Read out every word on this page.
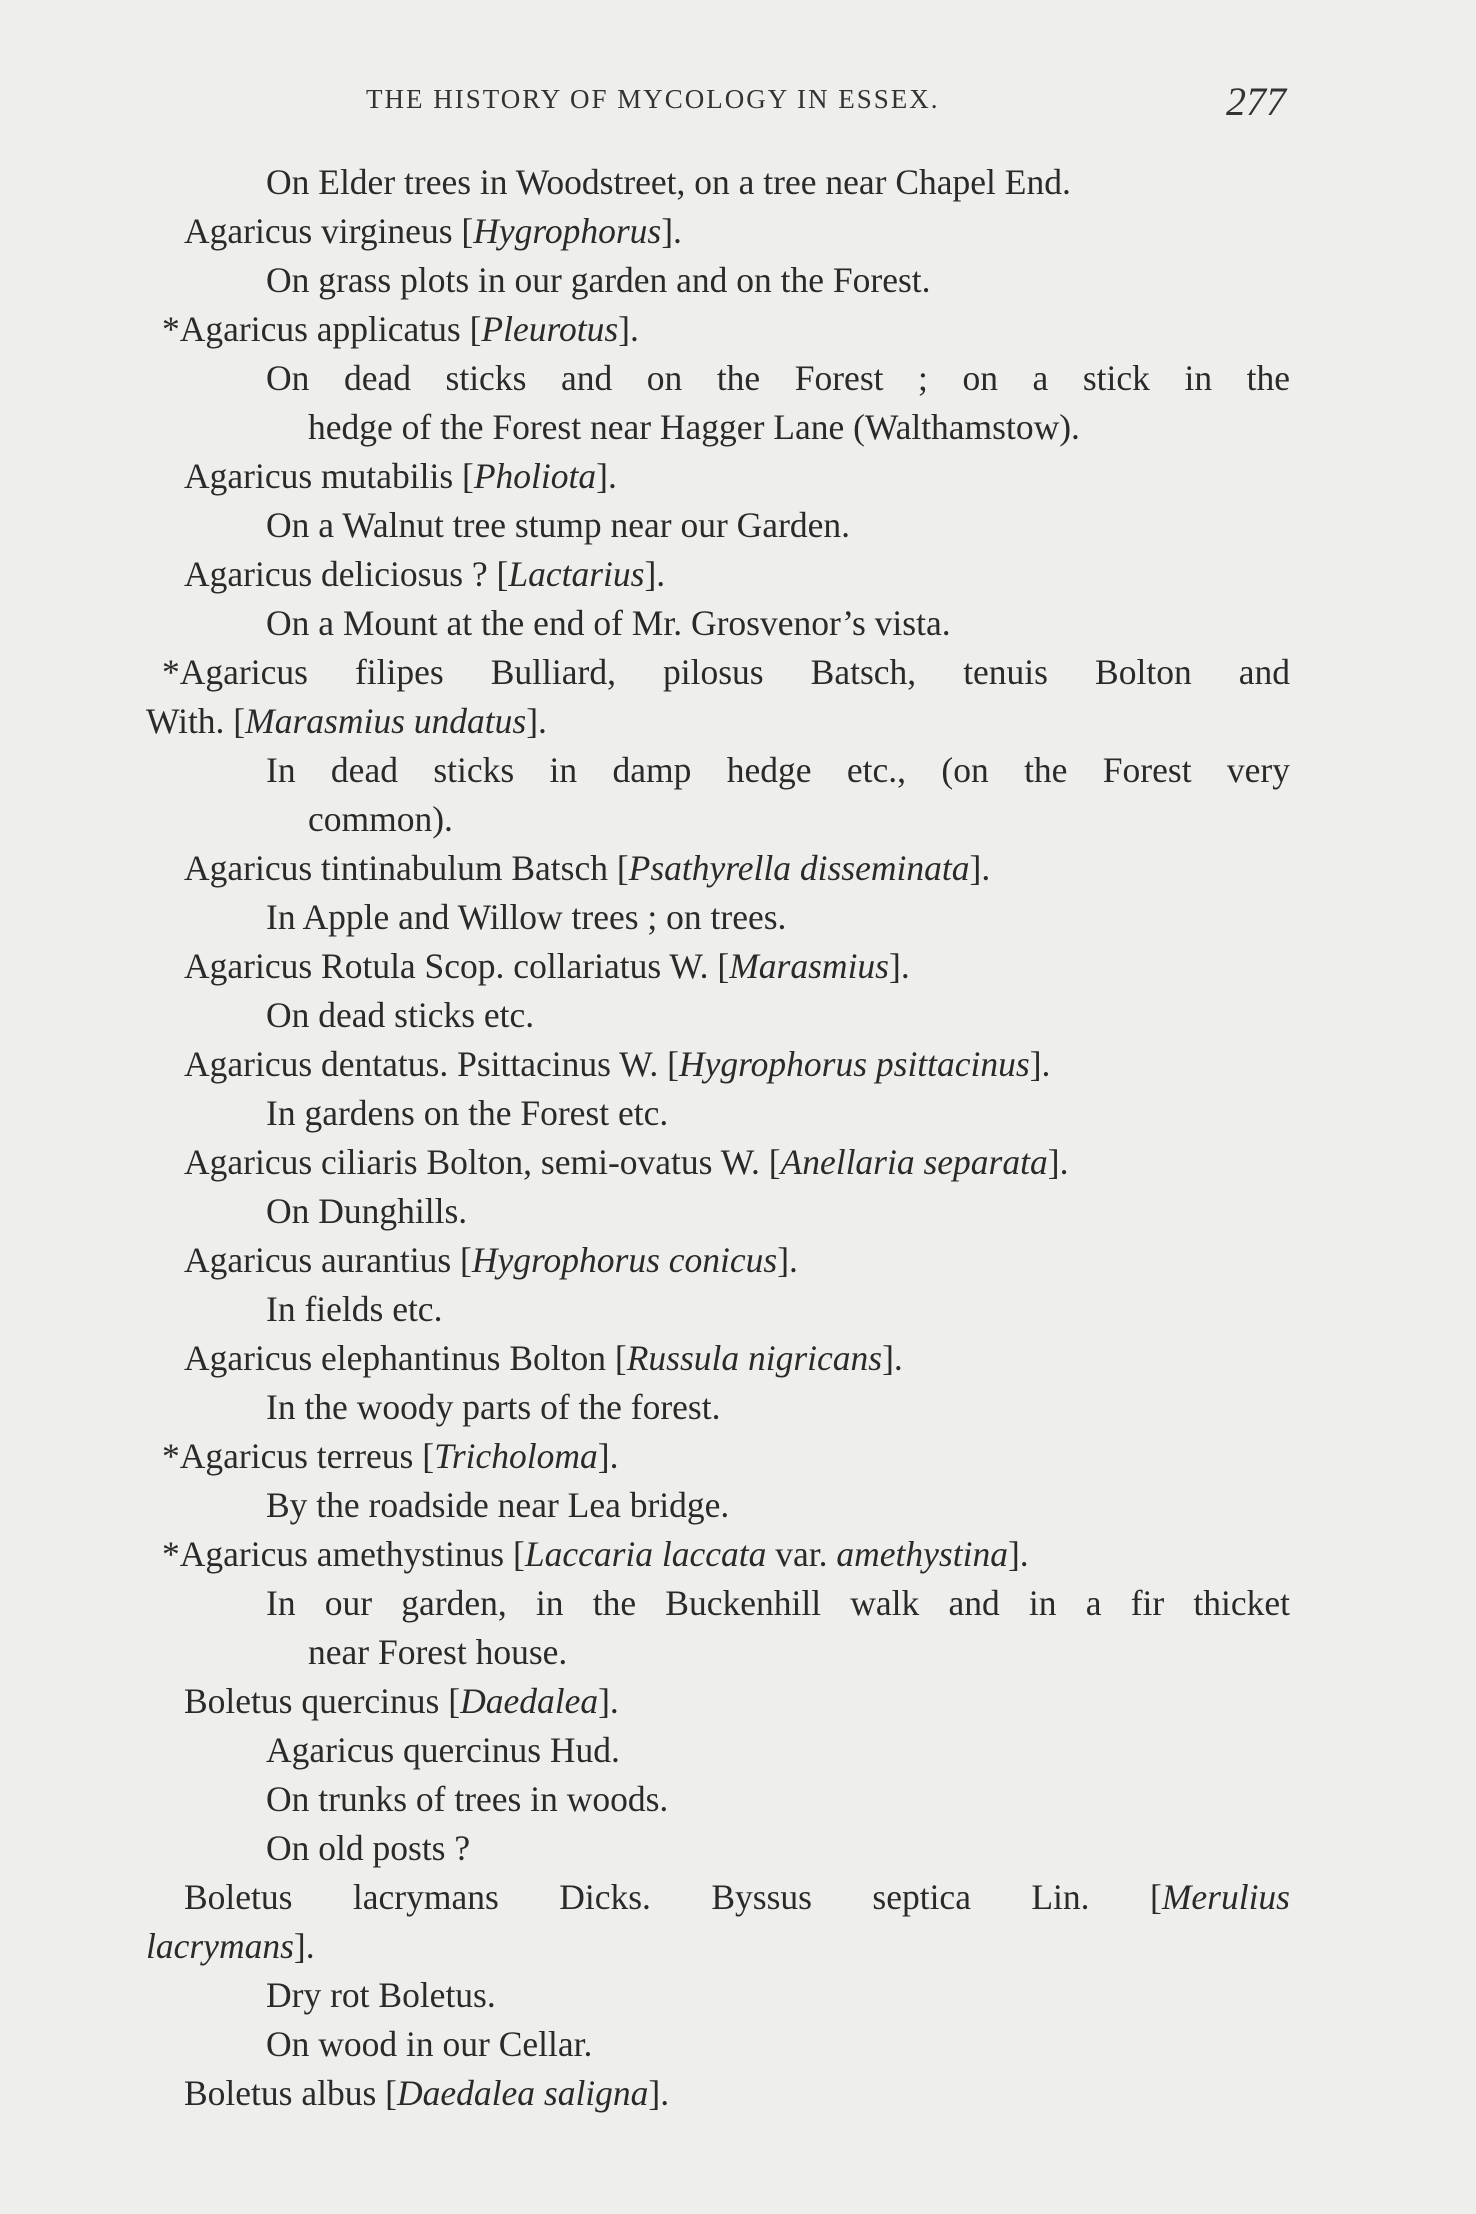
THE HISTORY OF MYCOLOGY IN ESSEX.	277
On Elder trees in Woodstreet, on a tree near Chapel End.
Agaricus virgineus [Hygrophorus].
On grass plots in our garden and on the Forest.
*Agaricus applicatus [Pleurotus].
On dead sticks and on the Forest ; on a stick in the
hedge of the Forest near Hagger Lane (Walthamstow).
Agaricus mutabilis [Pholiota].
On a Walnut tree stump near our Garden.
Agaricus deliciosus ? [Lactarius].
On a Mount at the end of Mr. Grosvenor’s vista.
*Agaricus filipes Bulliard, pilosus Batsch, tenuis Bolton and
With. [Marasmius undatus].
In dead sticks in damp hedge etc., (on the Forest very
common).
Agaricus tintinabulum Batsch [Psathyrella disseminata].
In Apple and Willow trees ; on trees.
Agaricus Rotula Scop. collariatus W. [Marasmius].
On dead sticks etc.
Agaricus dentatus. Psittacinus W. [Hygrophorus psittacinus].
In gardens on the Forest etc.
Agaricus ciliaris Bolton, semi-ovatus W. [Anellaria separata].
On Dunghills.
Agaricus aurantius [Hygrophorus conicus].
In fields etc.
Agaricus elephantinus Bolton [Russula nigricans].
In the woody parts of the forest.
*Agaricus terreus [Tricholoma].
By the roadside near Lea bridge.
*Agaricus amethystinus [Laccaria laccata var. amethystina].
In our garden, in the Buckenhill walk and in a fir thicket
near Forest house.
Boletus quercinus [Daedalea].
Agaricus quercinus Hud.
On trunks of trees in woods.
On old posts ?
Boletus lacrymans Dicks. Byssus septica Lin. [Merulius
lacrymans].
Dry rot Boletus.
On wood in our Cellar.
Boletus albus [Daedalea saligna].
